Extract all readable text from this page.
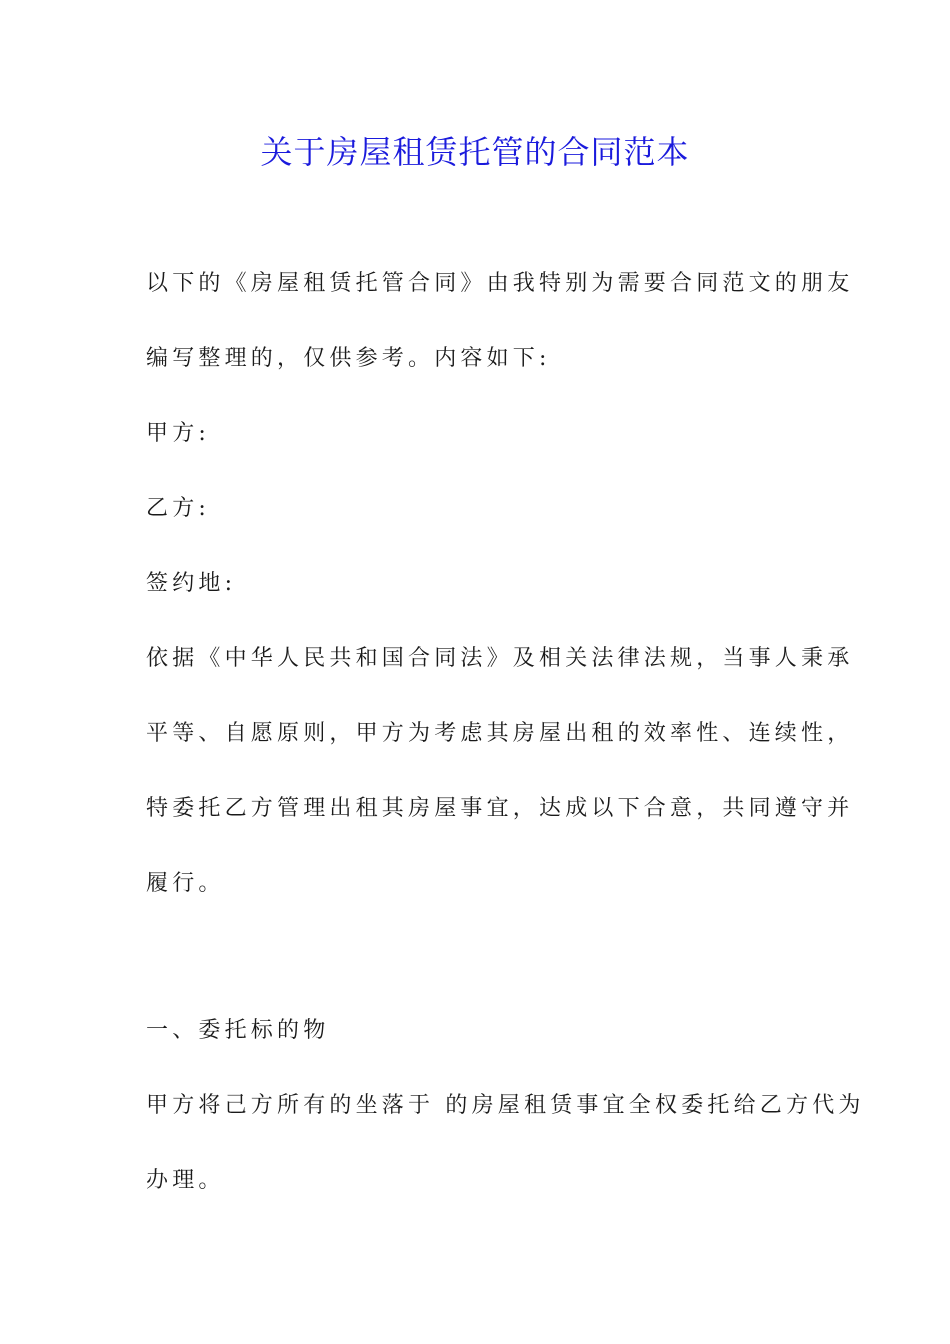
关于房屋租赁托管的合同范本

以下的《房屋租赁托管合同》由我特别为需要合同范文的朋友

编写整理的，仅供参考。内容如下:

甲方:

乙方:

签约地:

依据《中华人民共和国合同法》及相关法律法规，当事人秉承

平等、自愿原则，甲方为考虑其房屋出租的效率性、连续性，

特委托乙方管理出租其房屋事宜，达成以下合意，共同遵守并

履行。

一、委托标的物

甲方将己方所有的坐落于 的房屋租赁事宜全权委托给乙方代为

办理。
